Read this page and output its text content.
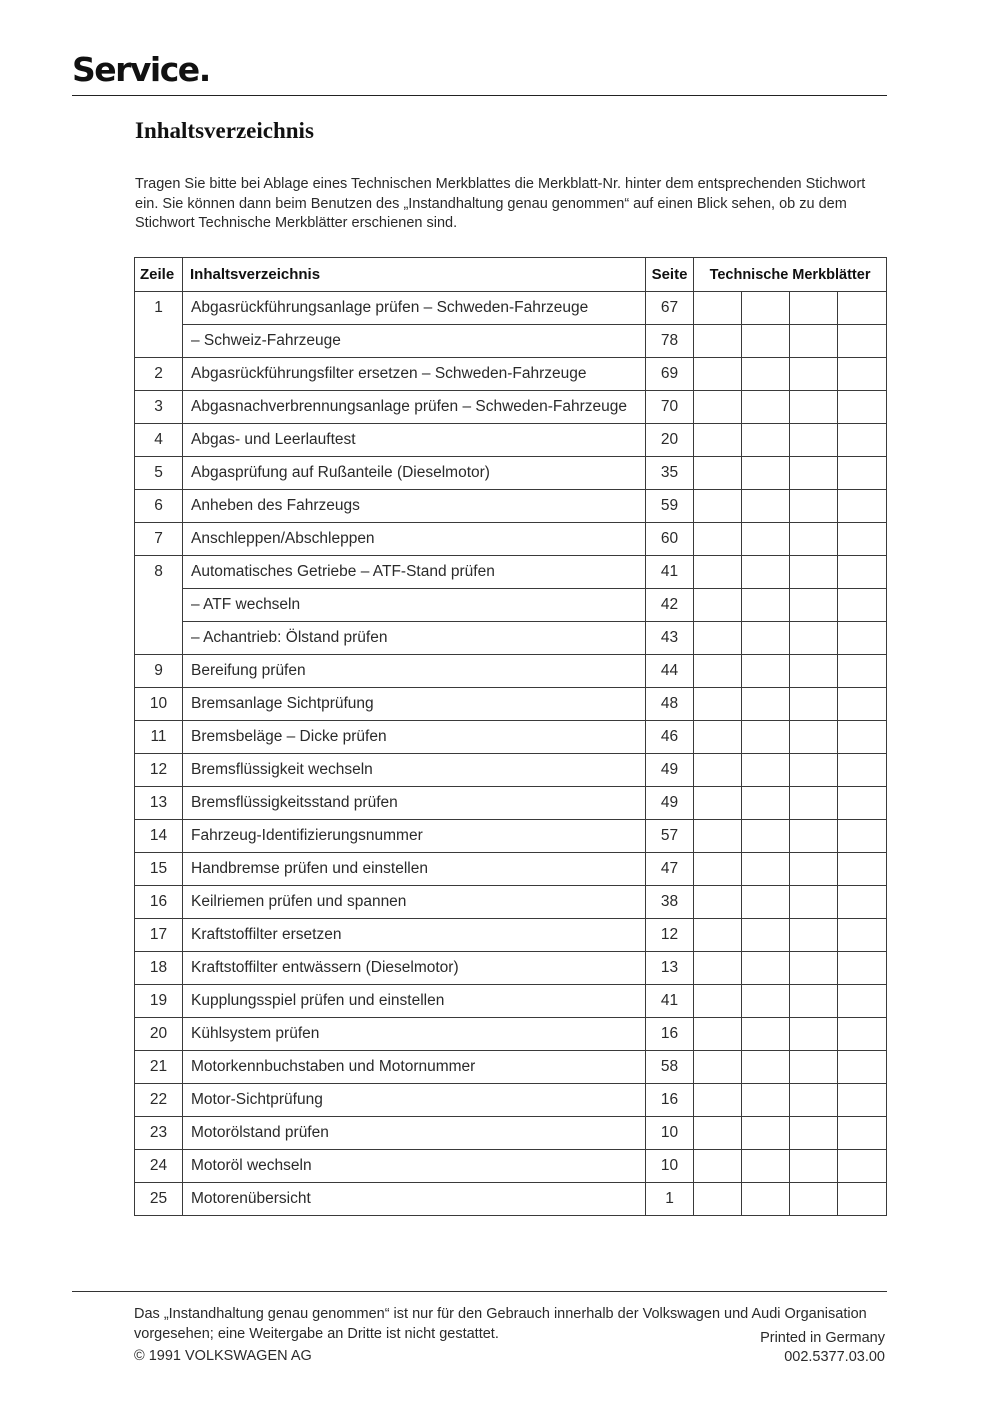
Service.
Inhaltsverzeichnis

Tragen Sie bitte bei Ablage eines Technischen Merkblattes die Merkblatt-Nr. hinter dem entsprechenden Stichwort ein. Sie können dann beim Benutzen des „Instandhaltung genau genommen“ auf einen Blick sehen, ob zu dem Stichwort Technische Merkblätter erschienen sind.

Zeile	Inhaltsverzeichnis	Seite	Technische Merkblätter			
1	Abgasrückführungsanlage prüfen – Schweden-Fahrzeuge	67				
	– Schweiz-Fahrzeuge	78				
2	Abgasrückführungsfilter ersetzen – Schweden-Fahrzeuge	69				
3	Abgasnachverbrennungsanlage prüfen – Schweden-Fahrzeuge	70				
4	Abgas- und Leerlauftest	20				
5	Abgasprüfung auf Rußanteile (Dieselmotor)	35				
6	Anheben des Fahrzeugs	59				
7	Anschleppen/Abschleppen	60				
8	Automatisches Getriebe – ATF-Stand prüfen	41				
	– ATF wechseln	42				
	– Achantrieb: Ölstand prüfen	43				
9	Bereifung prüfen	44				
10	Bremsanlage Sichtprüfung	48				
11	Bremsbeläge – Dicke prüfen	46				
12	Bremsflüssigkeit wechseln	49				
13	Bremsflüssigkeitsstand prüfen	49				
14	Fahrzeug-Identifizierungsnummer	57				
15	Handbremse prüfen und einstellen	47				
16	Keilriemen prüfen und spannen	38				
17	Kraftstoffilter ersetzen	12				
18	Kraftstoffilter entwässern (Dieselmotor)	13				
19	Kupplungsspiel prüfen und einstellen	41				
20	Kühlsystem prüfen	16				
21	Motorkennbuchstaben und Motornummer	58				
22	Motor-Sichtprüfung	16				
23	Motorölstand prüfen	10				
24	Motoröl wechseln	10				
25	Motorenübersicht	1				

Das „Instandhaltung genau genommen“ ist nur für den Gebrauch innerhalb der Volkswagen und Audi Organisation vorgesehen; eine Weitergabe an Dritte ist nicht gestattet.

© 1991 VOLKSWAGEN AG

Printed in Germany

002.5377.03.00
